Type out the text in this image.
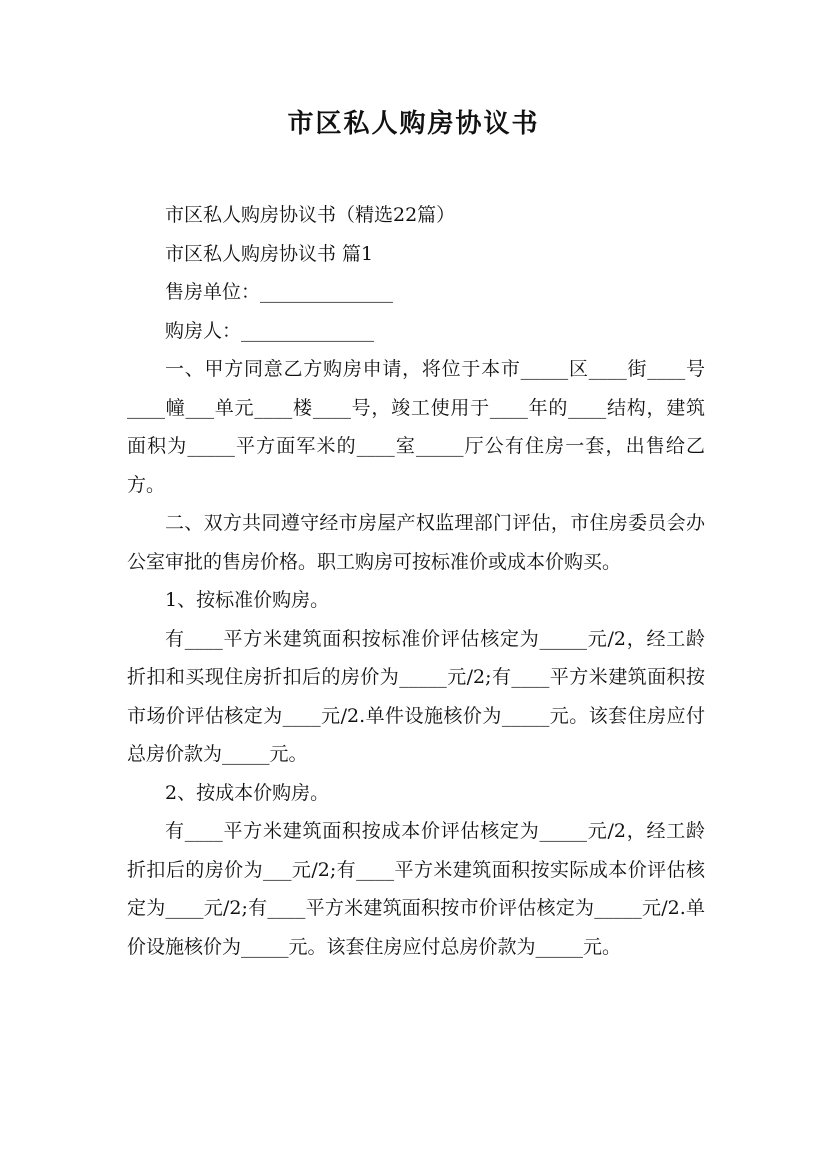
市区私人购房协议书

市区私人购房协议书（精选22篇）

市区私人购房协议书 篇1

售房单位：______________

购房人：______________

一、甲方同意乙方购房申请，将位于本市_____区____街____号____幢___单元____楼____号，竣工使用于____年的____结构，建筑面积为_____平方面军米的____室_____厅公有住房一套，出售给乙方。

二、双方共同遵守经市房屋产权监理部门评估，市住房委员会办公室审批的售房价格。职工购房可按标准价或成本价购买。

1、按标准价购房。

有____平方米建筑面积按标准价评估核定为_____元/2，经工龄折扣和买现住房折扣后的房价为_____元/2;有____平方米建筑面积按市场价评估核定为____元/2.单件设施核价为_____元。该套住房应付总房价款为_____元。

2、按成本价购房。

有____平方米建筑面积按成本价评估核定为_____元/2，经工龄折扣后的房价为___元/2;有____平方米建筑面积按实际成本价评估核定为____元/2;有____平方米建筑面积按市价评估核定为_____元/2.单价设施核价为_____元。该套住房应付总房价款为_____元。
